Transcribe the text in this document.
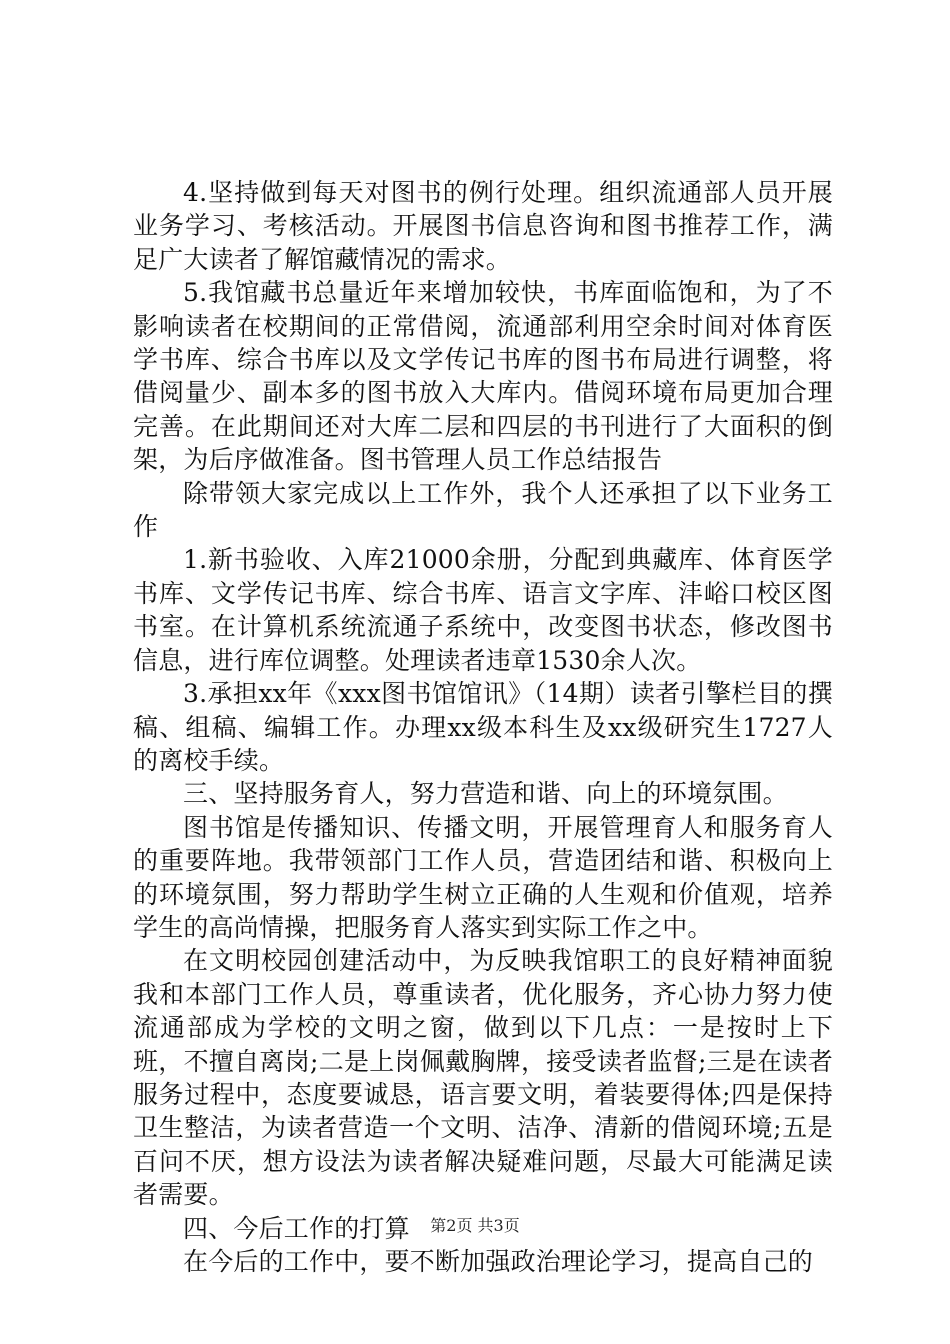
4.坚持做到每天对图书的例行处理。组织流通部人员开展业务学习、考核活动。开展图书信息咨询和图书推荐工作，满足广大读者了解馆藏情况的需求。

5.我馆藏书总量近年来增加较快，书库面临饱和，为了不影响读者在校期间的正常借阅，流通部利用空余时间对体育医学书库、综合书库以及文学传记书库的图书布局进行调整，将借阅量少、副本多的图书放入大库内。借阅环境布局更加合理完善。在此期间还对大库二层和四层的书刊进行了大面积的倒架，为后序做准备。图书管理人员工作总结报告

除带领大家完成以上工作外，我个人还承担了以下业务工作

1.新书验收、入库21000余册，分配到典藏库、体育医学书库、文学传记书库、综合书库、语言文字库、沣峪口校区图书室。在计算机系统流通子系统中，改变图书状态，修改图书信息，进行库位调整。处理读者违章1530余人次。

3.承担xx年《xxx图书馆馆讯》（14期）读者引擎栏目的撰稿、组稿、编辑工作。办理xx级本科生及xx级研究生1727人的离校手续。

三、坚持服务育人，努力营造和谐、向上的环境氛围。

图书馆是传播知识、传播文明，开展管理育人和服务育人的重要阵地。我带领部门工作人员，营造团结和谐、积极向上的环境氛围，努力帮助学生树立正确的人生观和价值观，培养学生的高尚情操，把服务育人落实到实际工作之中。

在文明校园创建活动中，为反映我馆职工的良好精神面貌我和本部门工作人员，尊重读者，优化服务，齐心协力努力使流通部成为学校的文明之窗，做到以下几点：一是按时上下班，不擅自离岗;二是上岗佩戴胸牌，接受读者监督;三是在读者服务过程中，态度要诚恳，语言要文明，着装要得体;四是保持卫生整洁，为读者营造一个文明、洁净、清新的借阅环境;五是百问不厌，想方设法为读者解决疑难问题，尽最大可能满足读者需要。

四、今后工作的打算

在今后的工作中，要不断加强政治理论学习，提高自己的

第2页 共3页
